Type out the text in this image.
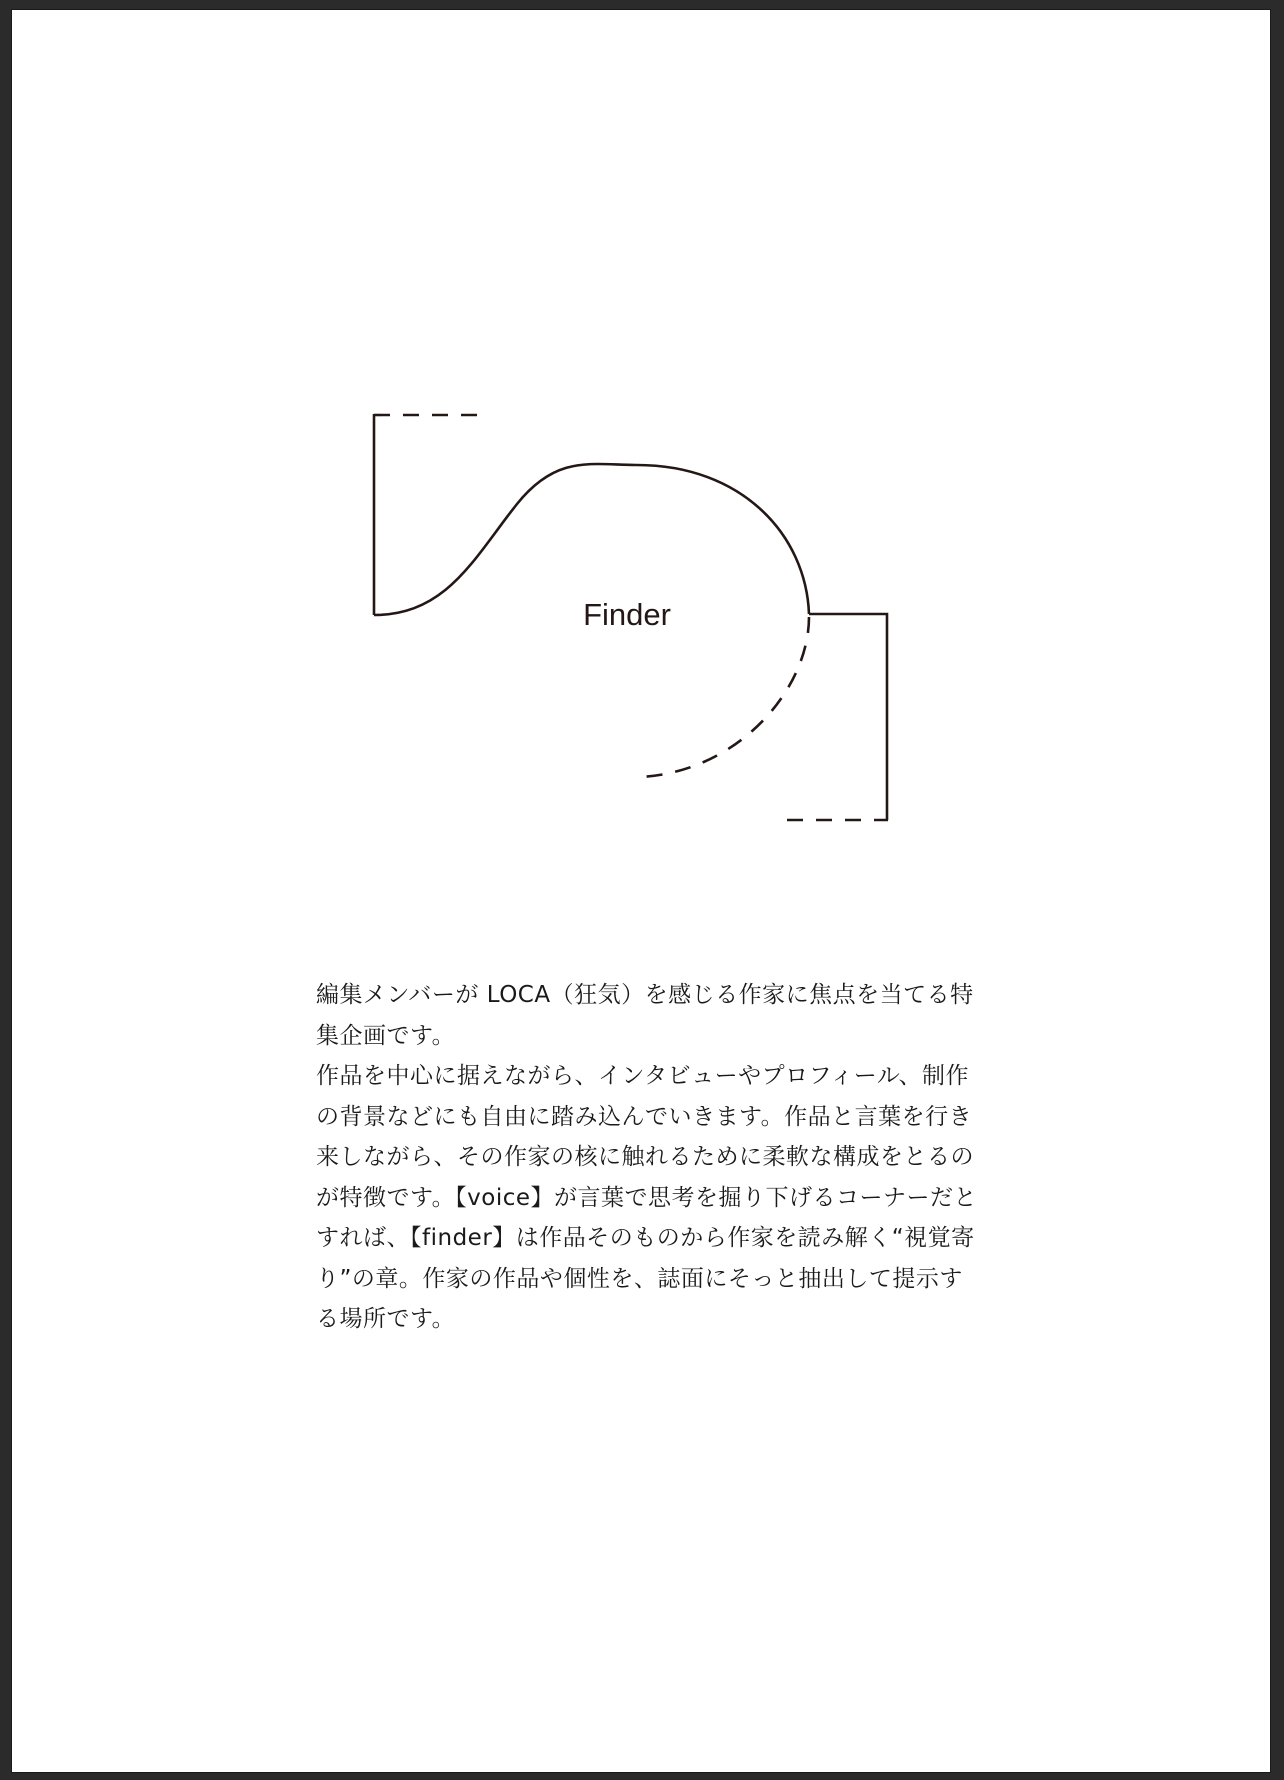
Finder

編集メンバーが LOCA（狂気）を感じる作家に焦点を当てる特集企画です。

作品を中心に据えながら、インタビューやプロフィール、制作の背景などにも自由に踏み込んでいきます。作品と言葉を行き来しながら、その作家の核に触れるために柔軟な構成をとるのが特徴です。【voice】が言葉で思考を掘り下げるコーナーだとすれば、【finder】は作品そのものから作家を読み解く“視覚寄り”の章。作家の作品や個性を、誌面にそっと抽出して提示する場所です。
